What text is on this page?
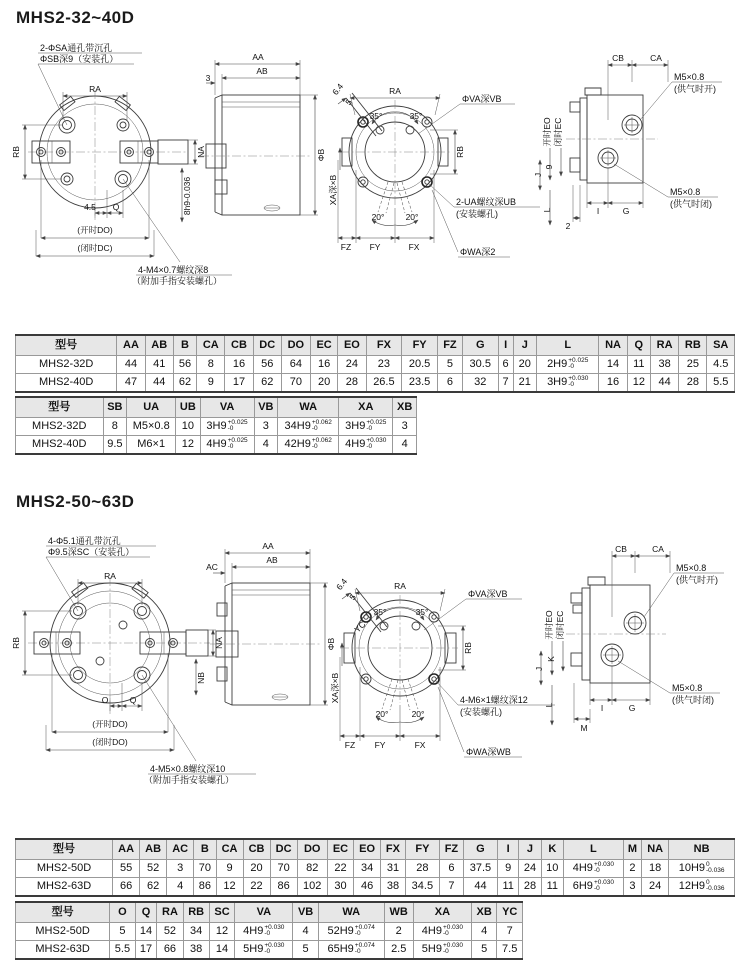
MHS2-32~40D
RA
RB	NA
8h9-0.036
4.5 Q
(开时DO)
(闭时DC)
2-ΦSA通孔带沉孔
ΦSB深9（安装孔）
4-M4×0.7螺纹深8
（附加手指安装螺孔）
AA
AB
3
ΦB
6.4
5
RA
35°	35°
RB
XA深×B
20° 20°
FZ FY	FX
ΦVA深VB
2-UA螺纹深UB
(安装螺孔)
ΦWA深2
CB	CA
开时EO 闭时EC
9
J
L	I	G
2
M5×0.8
(供气时开)
M5×0.8
(供气时闭)
型号	AA	AB	B	CA	CB	DC	DO	EC	EO	FX	FY	FZ	G	I	J	L	NA	Q	RA	RB	SA
MHS2-32D	44	41	56	8	16	56	64	16	24	23	20.5	5	30.5	6	20	2H9 +0.025
-0	14	11	38	25	4.5
MHS2-40D	47	44	62	9	17	62	70	20	28	26.5	23.5	6	32	7	21	3H9 +0.030
-0	16	12	44	28	5.5
型号	SB	UA	UB	VA	VB	WA	XA	XB
MHS2-32D	8	M5×0.8	10	3H9 +0.025
-0	3	34H9 +0.062
-0	3H9 +0.025
-0	3
MHS2-40D	9.5	M6×1	12	4H9 +0.025
-0	4	42H9 +0.062
-0	4H9 +0.030
-0	4
MHS2-50~63D
RA
RB	NA
NB
O	Q
(开时DO)
(闭时DO)
4-Φ5.1通孔带沉孔
Φ9.5深SC（安装孔）
4-M5×0.8螺纹深10
（附加手指安装螺孔）
AA
AB
AC
ΦB
6.4
5
YC
RA
35°	35°
RB
XA深×B
20°	20°
FZ FY	FX
ΦVA深VB
4-M6×1螺纹深12
(安装螺孔)
ΦWA深WB
CB	CA
开时EO 闭时EC
K
J
L	I	G
M
M5×0.8
(供气时开)
M5×0.8
(供气时闭)
型号	AA	AB	AC	B	CA	CB	DC	DO	EC	EO	FX	FY	FZ	G	I	J	K	L	M	NA	NB
MHS2-50D	55	52	3	70	9	20	70	82	22	34	31	28	6	37.5	9	24	10	4H9 +0.030
-0	2	18	10H9 0
-0.036

MHS2-63D	66	62	4	86	12	22	86	102	30	46	38	34.5	7	44	11	28	11	6H9 +0.030
-0	3	24	12H9 0
-0.036
型号	O	Q	RA	RB	SC	VA	VB	WA	WB	XA	XB	YC
MHS2-50D	5	14	52	34	12	4H9 +0.030
-0	4	52H9 +0.074
-0	2	4H9 +0.030
-0	4	7
MHS2-63D	5.5	17	66	38	14	5H9 +0.030
-0	5	65H9 +0.074
-0	2.5	5H9 +0.030
-0	5	7.5
